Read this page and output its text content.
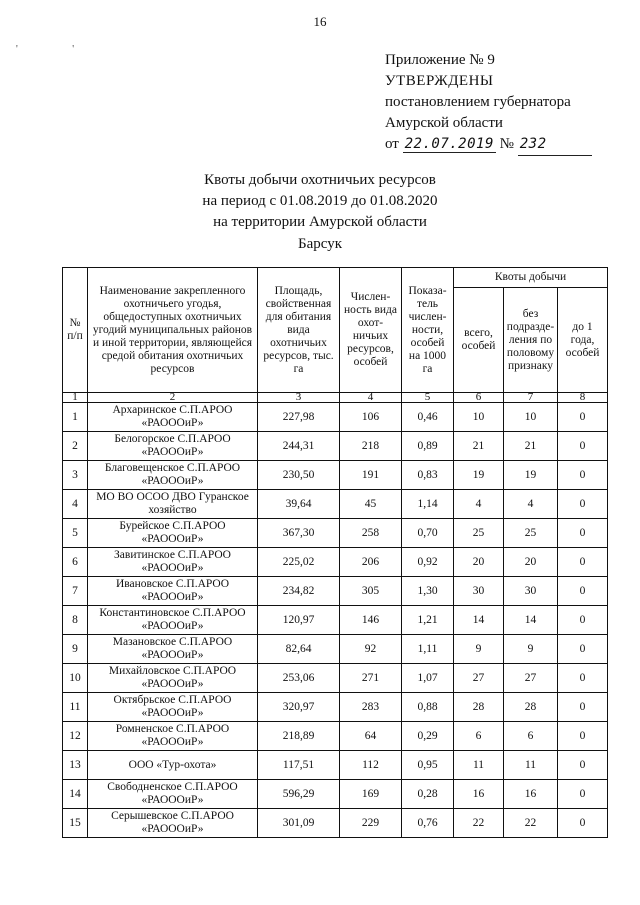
16
' '
Приложение № 9
УТВЕРЖДЕНЫ
постановлением губернатора
Амурской области
от 22.07.2019 № 232
Квоты добычи охотничьих ресурсов
на период с 01.08.2019 до 01.08.2020
на территории Амурской области
Барсук
№ п/п	Наименование закрепленного охотничьего угодья, общедоступных охотничьих угодий муниципальных районов и иной территории, являющейся средой обитания охотничьих ресурсов	Площадь, свойственная для обитания вида охотничьих ресурсов, тыс. га	Числен-ность вида охот-ничьих ресурсов, особей	Показа-тель числен-ности, особей на 1000 га	Квоты добычи		
					всего, особей	без подразде-ления по половому признаку	до 1 года, особей
1	2	3	4	5	6	7	8
1	Архаринское С.П.АРОО «РАОООиР»	227,98	106	0,46	10	10	0
2	Белогорское С.П.АРОО «РАОООиР»	244,31	218	0,89	21	21	0
3	Благовещенское С.П.АРОО «РАОООиР»	230,50	191	0,83	19	19	0
4	МО ВО ОСОО ДВО Гуранское хозяйство	39,64	45	1,14	4	4	0
5	Бурейское С.П.АРОО «РАОООиР»	367,30	258	0,70	25	25	0
6	Завитинское С.П.АРОО «РАОООиР»	225,02	206	0,92	20	20	0
7	Ивановское С.П.АРОО «РАОООиР»	234,82	305	1,30	30	30	0
8	Константиновское С.П.АРОО «РАОООиР»	120,97	146	1,21	14	14	0
9	Мазановское С.П.АРОО «РАОООиР»	82,64	92	1,11	9	9	0
10	Михайловское С.П.АРОО «РАОООиР»	253,06	271	1,07	27	27	0
11	Октябрьское С.П.АРОО «РАОООиР»	320,97	283	0,88	28	28	0
12	Ромненское С.П.АРОО «РАОООиР»	218,89	64	0,29	6	6	0
13	ООО «Тур-охота»	117,51	112	0,95	11	11	0
14	Свободненское С.П.АРОО «РАОООиР»	596,29	169	0,28	16	16	0
15	Серышевское С.П.АРОО «РАОООиР»	301,09	229	0,76	22	22	0
